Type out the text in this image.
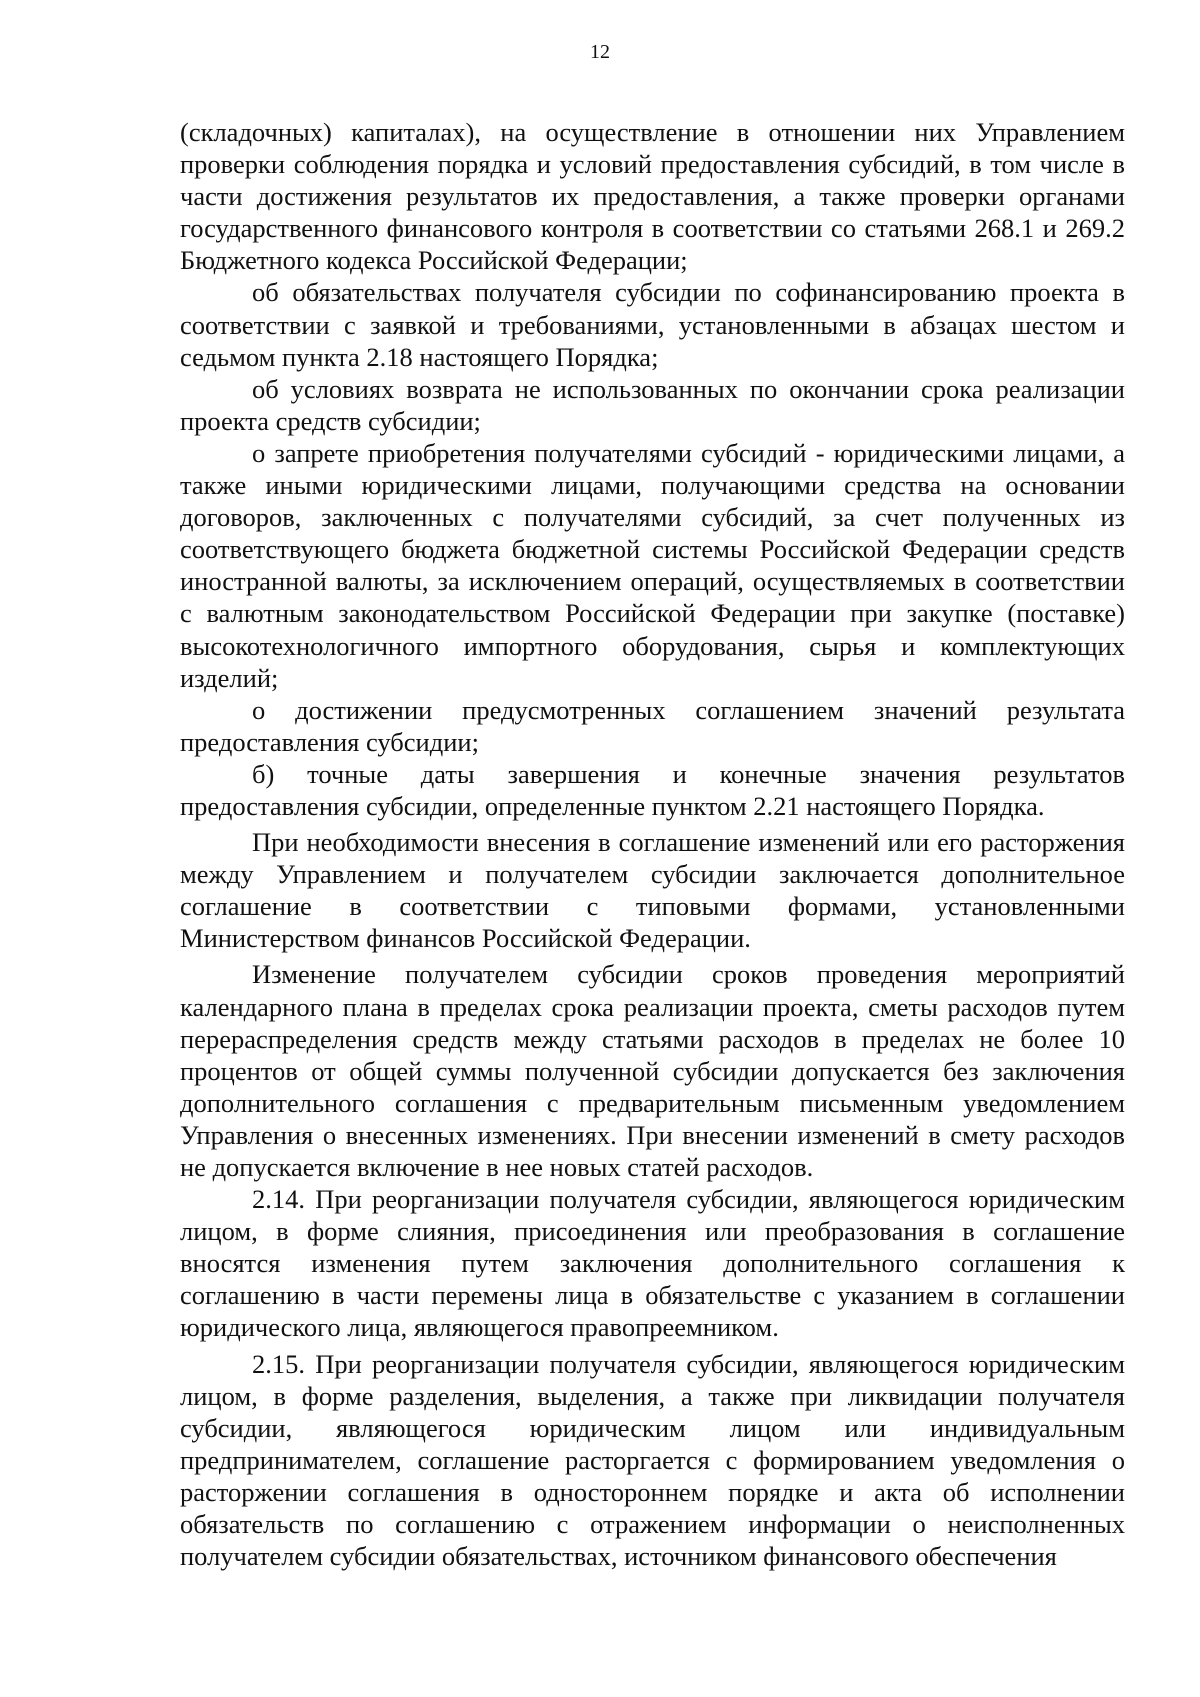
12

(складочных) капиталах), на осуществление в отношении них Управлением проверки соблюдения порядка и условий предоставления субсидий, в том числе в части достижения результатов их предоставления, а также проверки органами государственного финансового контроля в соответствии со статьями 268.1 и 269.2 Бюджетного кодекса Российской Федерации;

об обязательствах получателя субсидии по софинансированию проекта в соответствии с заявкой и требованиями, установленными в абзацах шестом и седьмом пункта 2.18 настоящего Порядка;

об условиях возврата не использованных по окончании срока реализации проекта средств субсидии;

о запрете приобретения получателями субсидий - юридическими лицами, а также иными юридическими лицами, получающими средства на основании договоров, заключенных с получателями субсидий, за счет полученных из соответствующего бюджета бюджетной системы Российской Федерации средств иностранной валюты, за исключением операций, осуществляемых в соответствии с валютным законодательством Российской Федерации при закупке (поставке) высокотехнологичного импортного оборудования, сырья и комплектующих изделий;

о достижении предусмотренных соглашением значений результата предоставления субсидии;

б) точные даты завершения и конечные значения результатов предоставления субсидии, определенные пунктом 2.21 настоящего Порядка.

При необходимости внесения в соглашение изменений или его расторжения между Управлением и получателем субсидии заключается дополнительное соглашение в соответствии с типовыми формами, установленными Министерством финансов Российской Федерации.

Изменение получателем субсидии сроков проведения мероприятий календарного плана в пределах срока реализации проекта, сметы расходов путем перераспределения средств между статьями расходов в пределах не более 10 процентов от общей суммы полученной субсидии допускается без заключения дополнительного соглашения с предварительным письменным уведомлением Управления о внесенных изменениях. При внесении изменений в смету расходов не допускается включение в нее новых статей расходов.

2.14. При реорганизации получателя субсидии, являющегося юридическим лицом, в форме слияния, присоединения или преобразования в соглашение вносятся изменения путем заключения дополнительного соглашения к соглашению в части перемены лица в обязательстве с указанием в соглашении юридического лица, являющегося правопреемником.

2.15. При реорганизации получателя субсидии, являющегося юридическим лицом, в форме разделения, выделения, а также при ликвидации получателя субсидии, являющегося юридическим лицом или индивидуальным предпринимателем, соглашение расторгается с формированием уведомления о расторжении соглашения в одностороннем порядке и акта об исполнении обязательств по соглашению с отражением информации о неисполненных получателем субсидии обязательствах, источником финансового обеспечения
